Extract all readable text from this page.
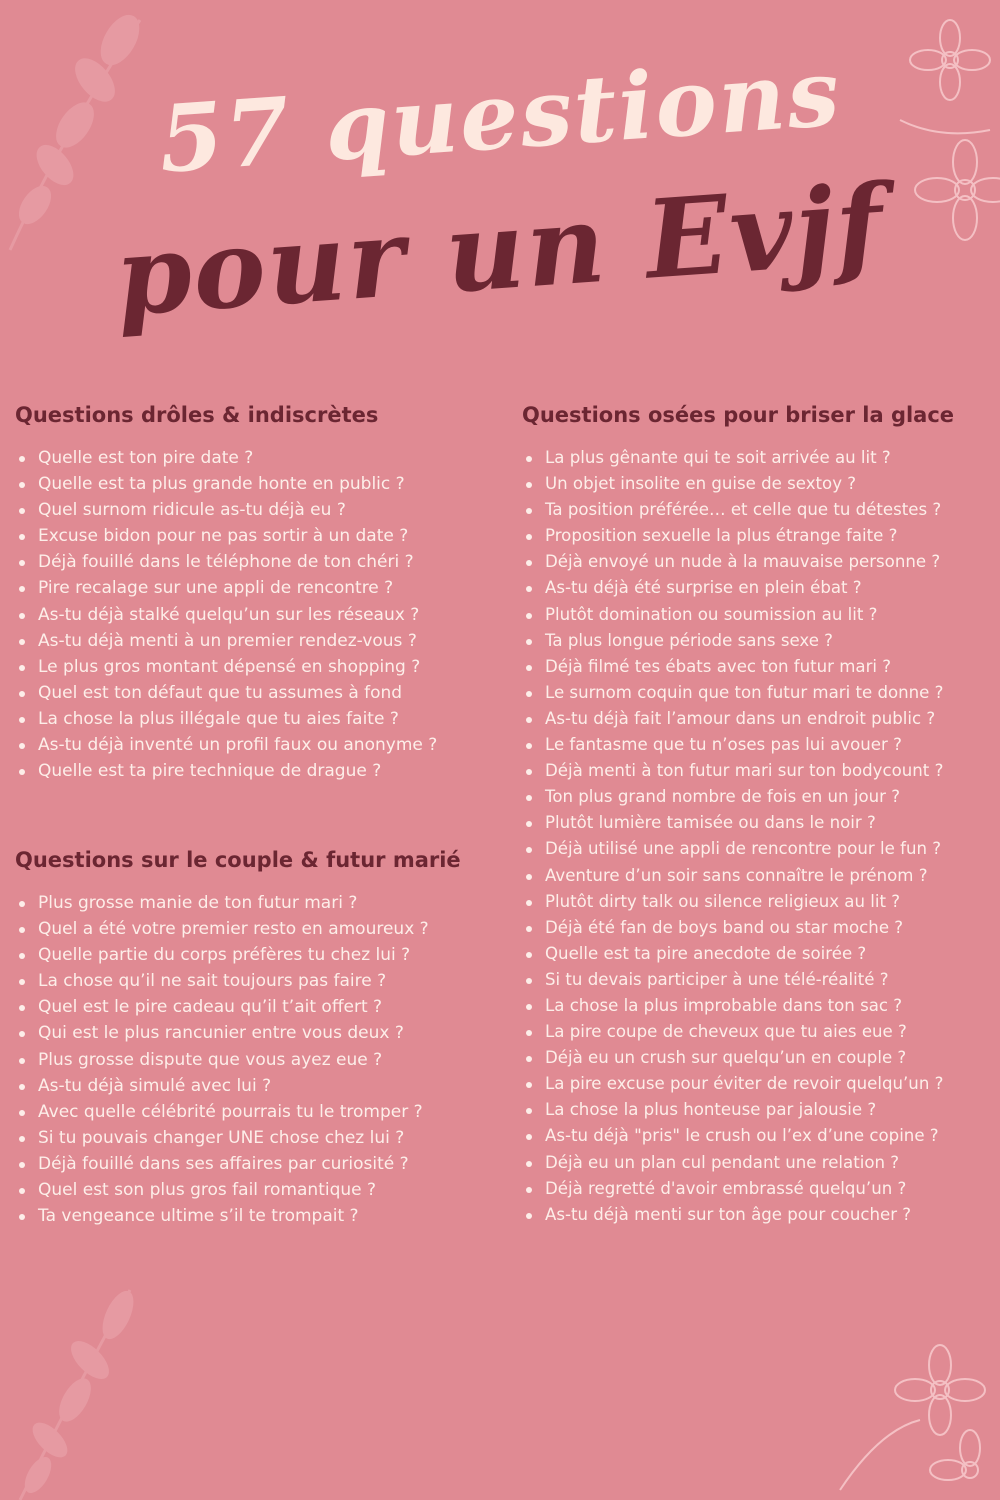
57 questions
pour un Evjf
Questions drôles & indiscrètes
Quelle est ton pire date ?
Quelle est ta plus grande honte en public ?
Quel surnom ridicule as-tu déjà eu ?
Excuse bidon pour ne pas sortir à un date ?
Déjà fouillé dans le téléphone de ton chéri ?
Pire recalage sur une appli de rencontre ?
As-tu déjà stalké quelqu’un sur les réseaux ?
As-tu déjà menti à un premier rendez-vous ?
Le plus gros montant dépensé en shopping ?
Quel est ton défaut que tu assumes à fond
La chose la plus illégale que tu aies faite ?
As-tu déjà inventé un profil faux ou anonyme ?
Quelle est ta pire technique de drague ?
Questions sur le couple & futur marié
Plus grosse manie de ton futur mari ?
Quel a été votre premier resto en amoureux ?
Quelle partie du corps préfères tu chez lui ?
La chose qu’il ne sait toujours pas faire ?
Quel est le pire cadeau qu’il t’ait offert ?
Qui est le plus rancunier entre vous deux ?
Plus grosse dispute que vous ayez eue ?
As-tu déjà simulé avec lui ?
Avec quelle célébrité pourrais tu le tromper ?
Si tu pouvais changer UNE chose chez lui ?
Déjà fouillé dans ses affaires par curiosité ?
Quel est son plus gros fail romantique ?
Ta vengeance ultime s’il te trompait ?
Questions osées pour briser la glace
La plus gênante qui te soit arrivée au lit ?
Un objet insolite en guise de sextoy ?
Ta position préférée… et celle que tu détestes ?
Proposition sexuelle la plus étrange faite ?
Déjà envoyé un nude à la mauvaise personne ?
As-tu déjà été surprise en plein ébat ?
Plutôt domination ou soumission au lit ?
Ta plus longue période sans sexe ?
Déjà filmé tes ébats avec ton futur mari ?
Le surnom coquin que ton futur mari te donne ?
As-tu déjà fait l’amour dans un endroit public ?
Le fantasme que tu n’oses pas lui avouer ?
Déjà menti à ton futur mari sur ton bodycount ?
Ton plus grand nombre de fois en un jour ?
Plutôt lumière tamisée ou dans le noir ?
Déjà utilisé une appli de rencontre pour le fun ?
Aventure d’un soir sans connaître le prénom ?
Plutôt dirty talk ou silence religieux au lit ?
Déjà été fan de boys band ou star moche ?
Quelle est ta pire anecdote de soirée ?
Si tu devais participer à une télé-réalité ?
La chose la plus improbable dans ton sac ?
La pire coupe de cheveux que tu aies eue ?
Déjà eu un crush sur quelqu’un en couple ?
La pire excuse pour éviter de revoir quelqu’un ?
La chose la plus honteuse par jalousie ?
As-tu déjà "pris" le crush ou l’ex d’une copine ?
Déjà eu un plan cul pendant une relation ?
Déjà regretté d'avoir embrassé quelqu’un ?
As-tu déjà menti sur ton âge pour coucher ?
